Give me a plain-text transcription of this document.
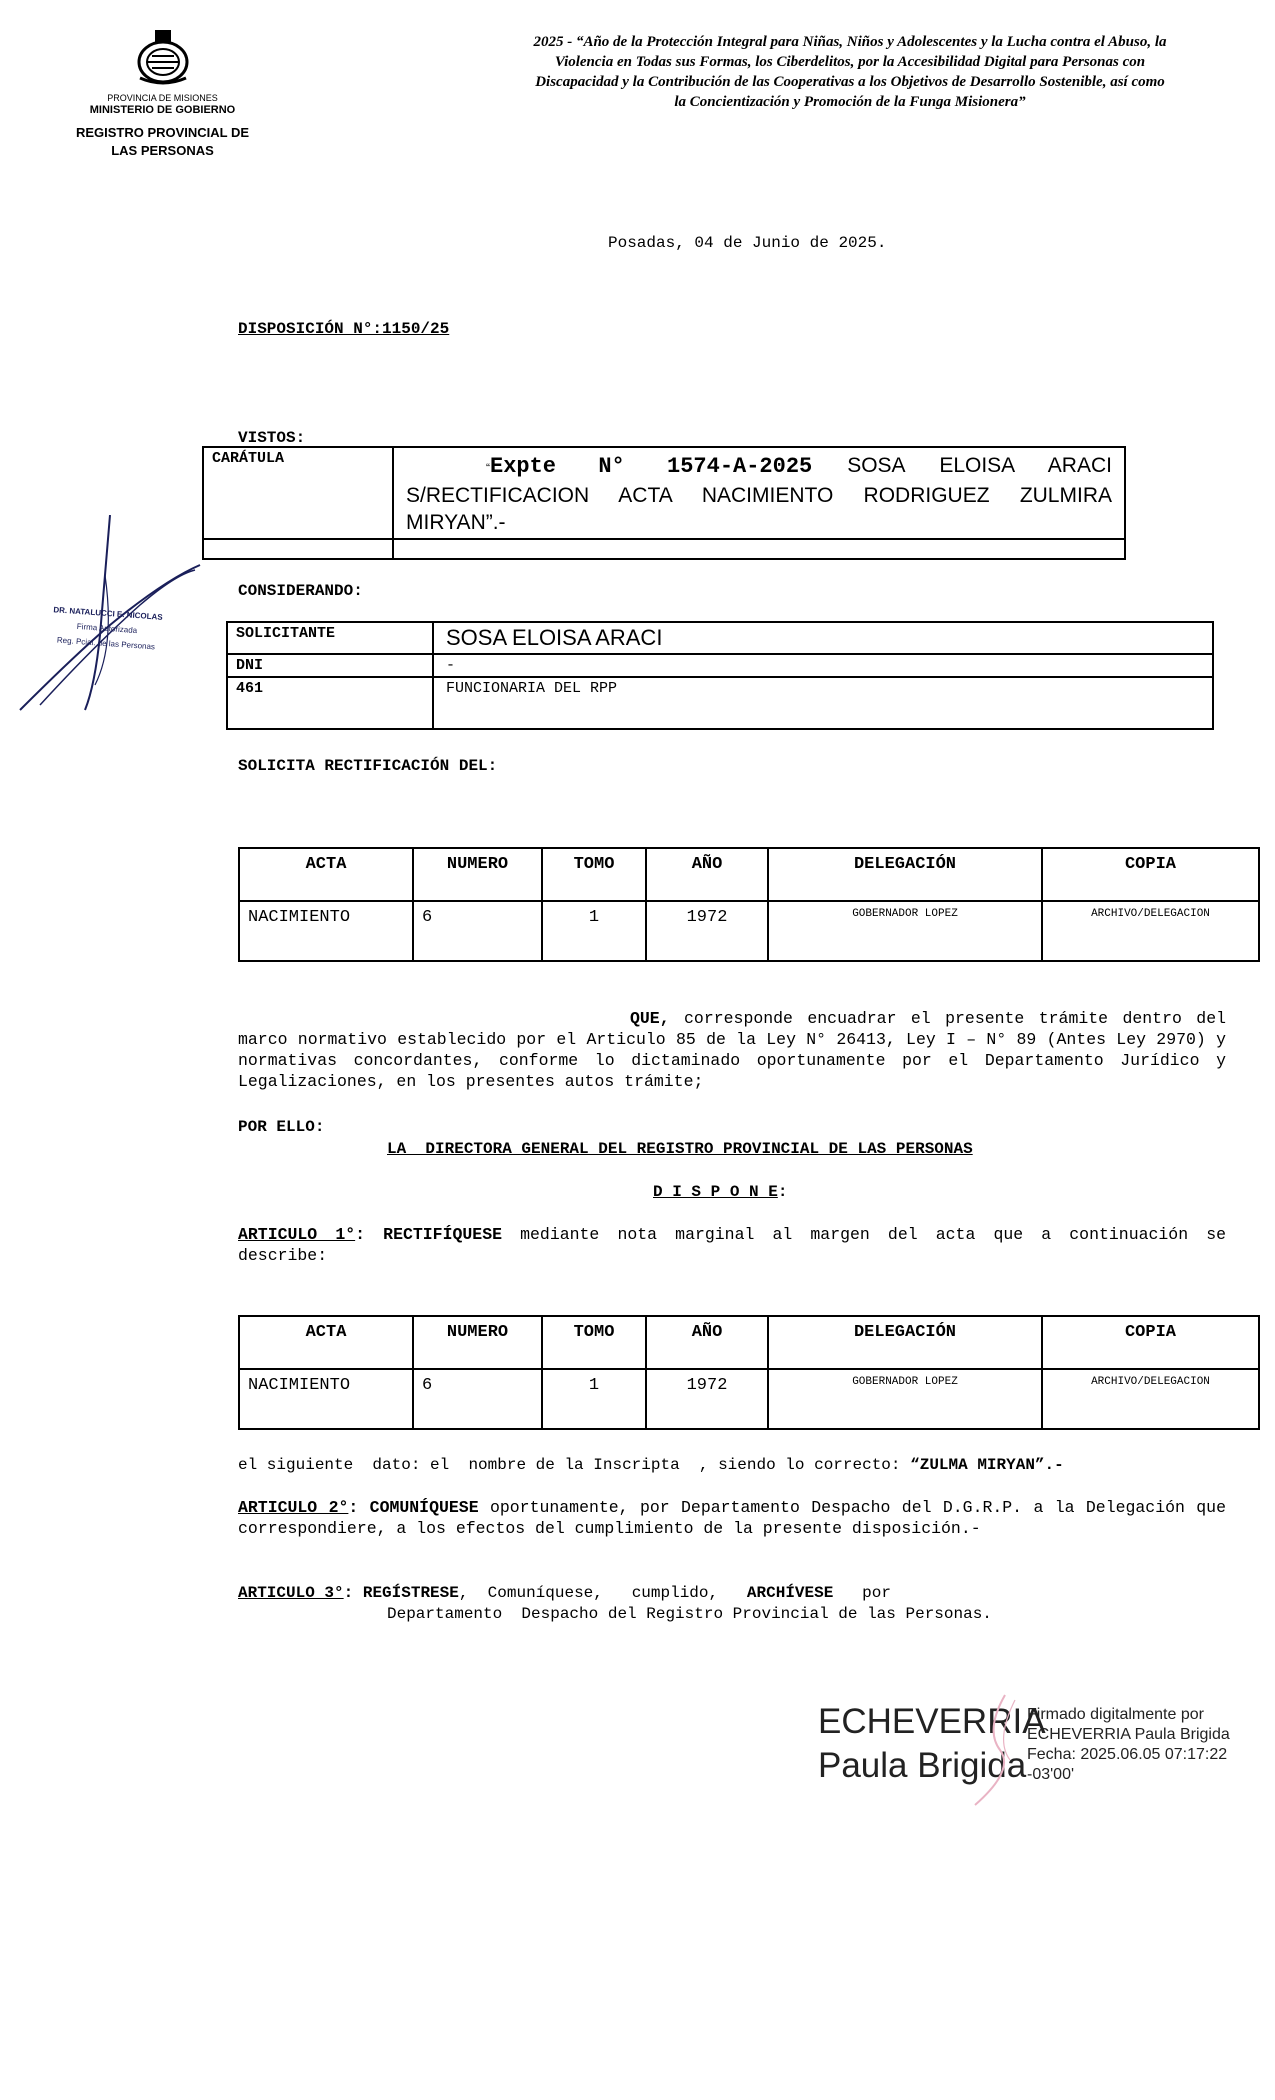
PROVINCIA DE MISIONES
MINISTERIO DE GOBIERNO
REGISTRO PROVINCIAL DE
LAS PERSONAS
2025 - “Año de la Protección Integral para Niñas, Niños y Adolescentes y la Lucha contra el Abuso, la Violencia en Todas sus Formas, los Ciberdelitos, por la Accesibilidad Digital para Personas con Discapacidad y la Contribución de las Cooperativas a los Objetivos de Desarrollo Sostenible, así como la Concientización y Promoción de la Funga Misionera”
Posadas, 04 de Junio de 2025.
DISPOSICIÓN N°:1150/25
VISTOS:
CARÁTULA	“Expte N° 1574-A-2025 SOSA ELOISA ARACI S/RECTIFICACION ACTA NACIMIENTO RODRIGUEZ ZULMIRA MIRYAN”.-

DR. NATALUCCI E. NICOLAS
Firma Autorizada
Reg. Pcial. de las Personas
CONSIDERANDO:
SOLICITANTE	SOSA ELOISA ARACI
DNI	-
461	FUNCIONARIA DEL RPP
SOLICITA RECTIFICACIÓN DEL:
ACTA	NUMERO	TOMO	AÑO	DELEGACIÓN	COPIA
NACIMIENTO	6	1	1972	GOBERNADOR LOPEZ	ARCHIVO/DELEGACION
QUE, corresponde encuadrar el presente trámite dentro del marco normativo establecido por el Articulo 85 de la Ley N° 26413, Ley I – N° 89 (Antes Ley 2970) y normativas concordantes, conforme lo dictaminado oportunamente por el Departamento Jurídico y Legalizaciones, en los presentes autos trámite;
POR ELLO:
LA  DIRECTORA GENERAL DEL REGISTRO PROVINCIAL DE LAS PERSONAS
D I S P O N E:
ARTICULO 1°: RECTIFÍQUESE mediante nota marginal al margen del acta que a continuación se describe:
ACTA	NUMERO	TOMO	AÑO	DELEGACIÓN	COPIA
NACIMIENTO	6	1	1972	GOBERNADOR LOPEZ	ARCHIVO/DELEGACION
el siguiente  dato: el  nombre de la Inscripta  , siendo lo correcto: “ZULMA MIRYAN”.-
ARTICULO 2°: COMUNÍQUESE oportunamente, por Departamento Despacho del D.G.R.P. a la Delegación que correspondiere, a los efectos del cumplimiento de la presente disposición.-
ARTICULO 3°: REGÍSTRESE,  Comuníquese,   cumplido,   ARCHÍVESE   por
Departamento  Despacho del Registro Provincial de las Personas.
ECHEVERRIA
Paula Brigida
Firmado digitalmente por
ECHEVERRIA Paula Brigida
Fecha: 2025.06.05 07:17:22
-03'00'
